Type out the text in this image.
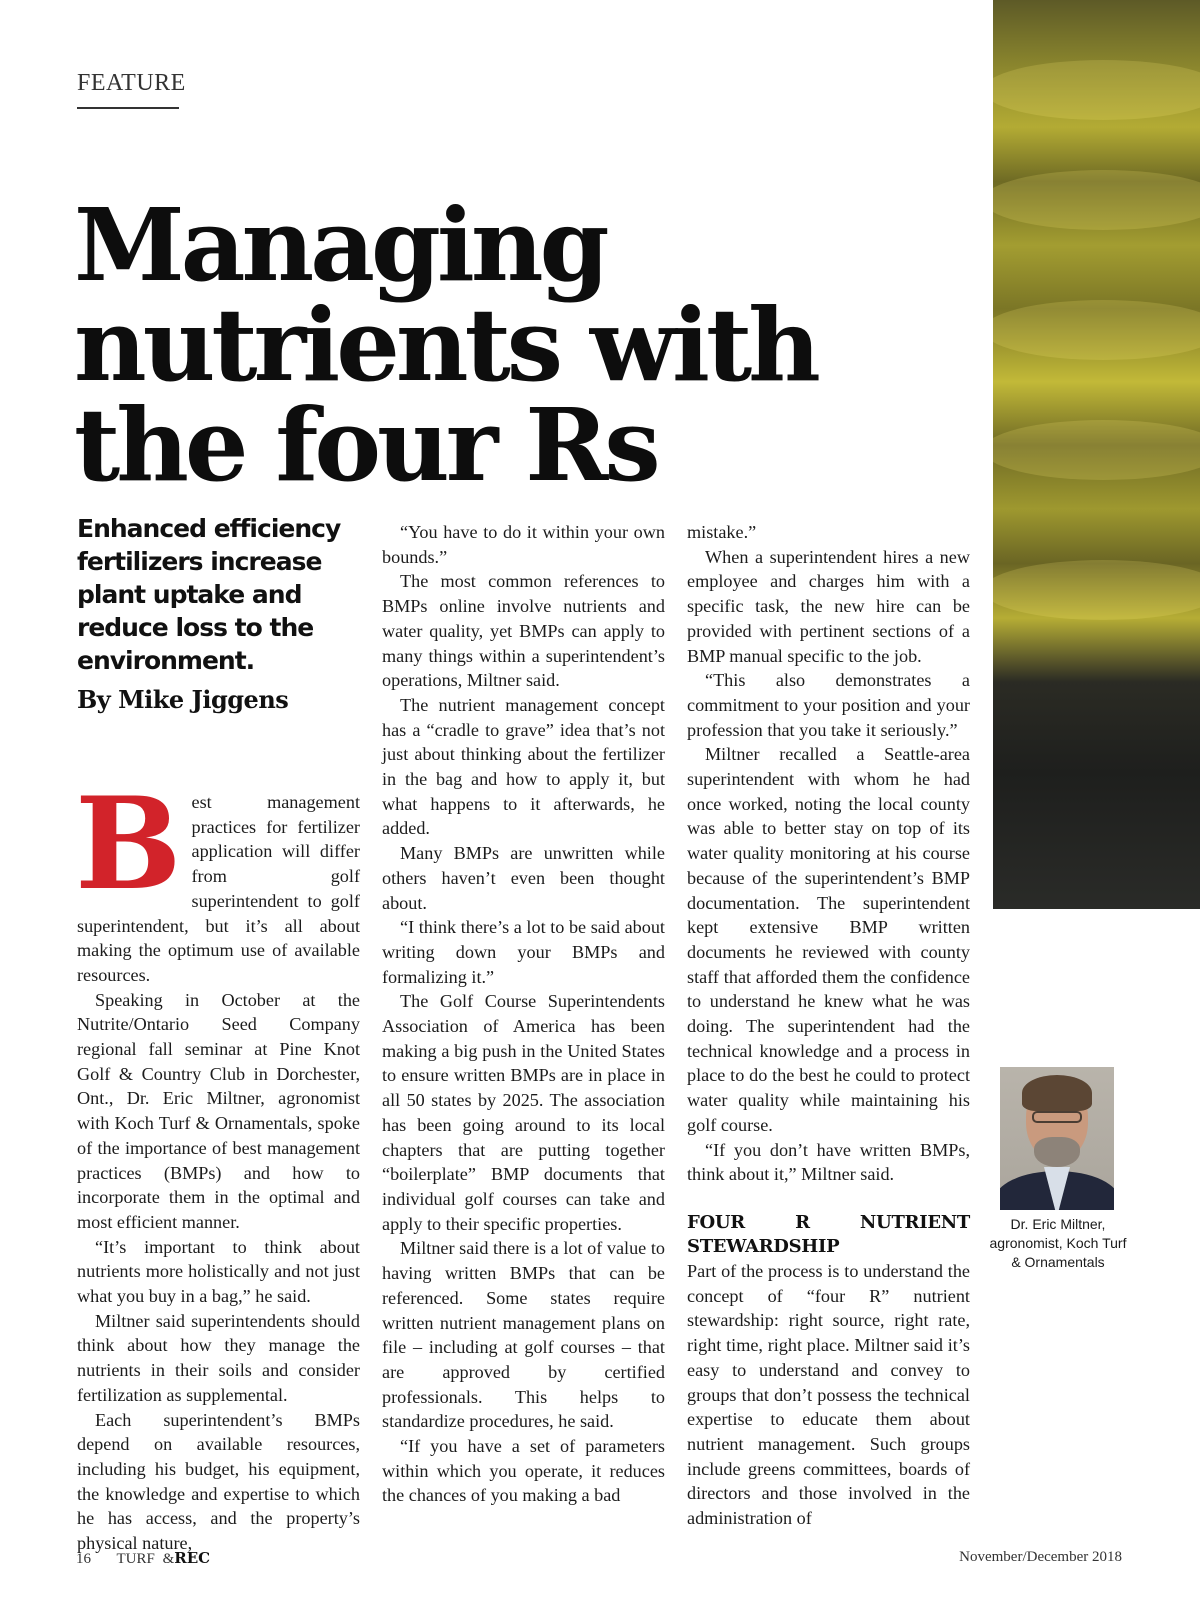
FEATURE
Managing nutrients with the four Rs
Enhanced efficiency fertilizers increase plant uptake and reduce loss to the environment.
By Mike Jiggens

Best management practices for fertilizer application will differ from golf superintendent to golf superintendent, but it’s all about making the optimum use of available resources.

Speaking in October at the Nutrite/Ontario Seed Company regional fall seminar at Pine Knot Golf & Country Club in Dorchester, Ont., Dr. Eric Miltner, agronomist with Koch Turf & Ornamentals, spoke of the importance of best management practices (BMPs) and how to incorporate them in the optimal and most efficient manner.

“It’s important to think about nutrients more holistically and not just what you buy in a bag,” he said.

Miltner said superintendents should think about how they manage the nutrients in their soils and consider fertilization as supplemental.

Each superintendent’s BMPs depend on available resources, including his budget, his equipment, the knowledge and expertise to which he has access, and the property’s physical nature,

“You have to do it within your own bounds.”

The most common references to BMPs online involve nutrients and water quality, yet BMPs can apply to many things within a superintendent’s operations, Miltner said.

The nutrient management concept has a “cradle to grave” idea that’s not just about thinking about the fertilizer in the bag and how to apply it, but what happens to it afterwards, he added.

Many BMPs are unwritten while others haven’t even been thought about.

“I think there’s a lot to be said about writing down your BMPs and formalizing it.”

The Golf Course Superintendents Association of America has been making a big push in the United States to ensure written BMPs are in place in all 50 states by 2025. The association has been going around to its local chapters that are putting together “boilerplate” BMP documents that individual golf courses can take and apply to their specific properties.

Miltner said there is a lot of value to having written BMPs that can be referenced. Some states require written nutrient management plans on file – including at golf courses – that are approved by certified professionals. This helps to standardize procedures, he said.

“If you have a set of parameters within which you operate, it reduces the chances of you making a bad

mistake.”

When a superintendent hires a new employee and charges him with a specific task, the new hire can be provided with pertinent sections of a BMP manual specific to the job.

“This also demonstrates a commitment to your position and your profession that you take it seriously.”

Miltner recalled a Seattle-area superintendent with whom he had once worked, noting the local county was able to better stay on top of its water quality monitoring at his course because of the superintendent’s BMP documentation. The superintendent kept extensive BMP written documents he reviewed with county staff that afforded them the confidence to understand he knew what he was doing. The superintendent had the technical knowledge and a process in place to do the best he could to protect water quality while maintaining his golf course.

“If you don’t have written BMPs, think about it,” Miltner said.

FOUR R NUTRIENT STEWARDSHIP

Part of the process is to understand the concept of “four R” nutrient stewardship: right source, right rate, right time, right place. Miltner said it’s easy to understand and convey to groups that don’t possess the technical expertise to educate them about nutrient management. Such groups include greens committees, boards of directors and those involved in the administration of

Dr. Eric Miltner, agronomist, Koch Turf & Ornamentals
16 TURF &REC	November/December 2018
